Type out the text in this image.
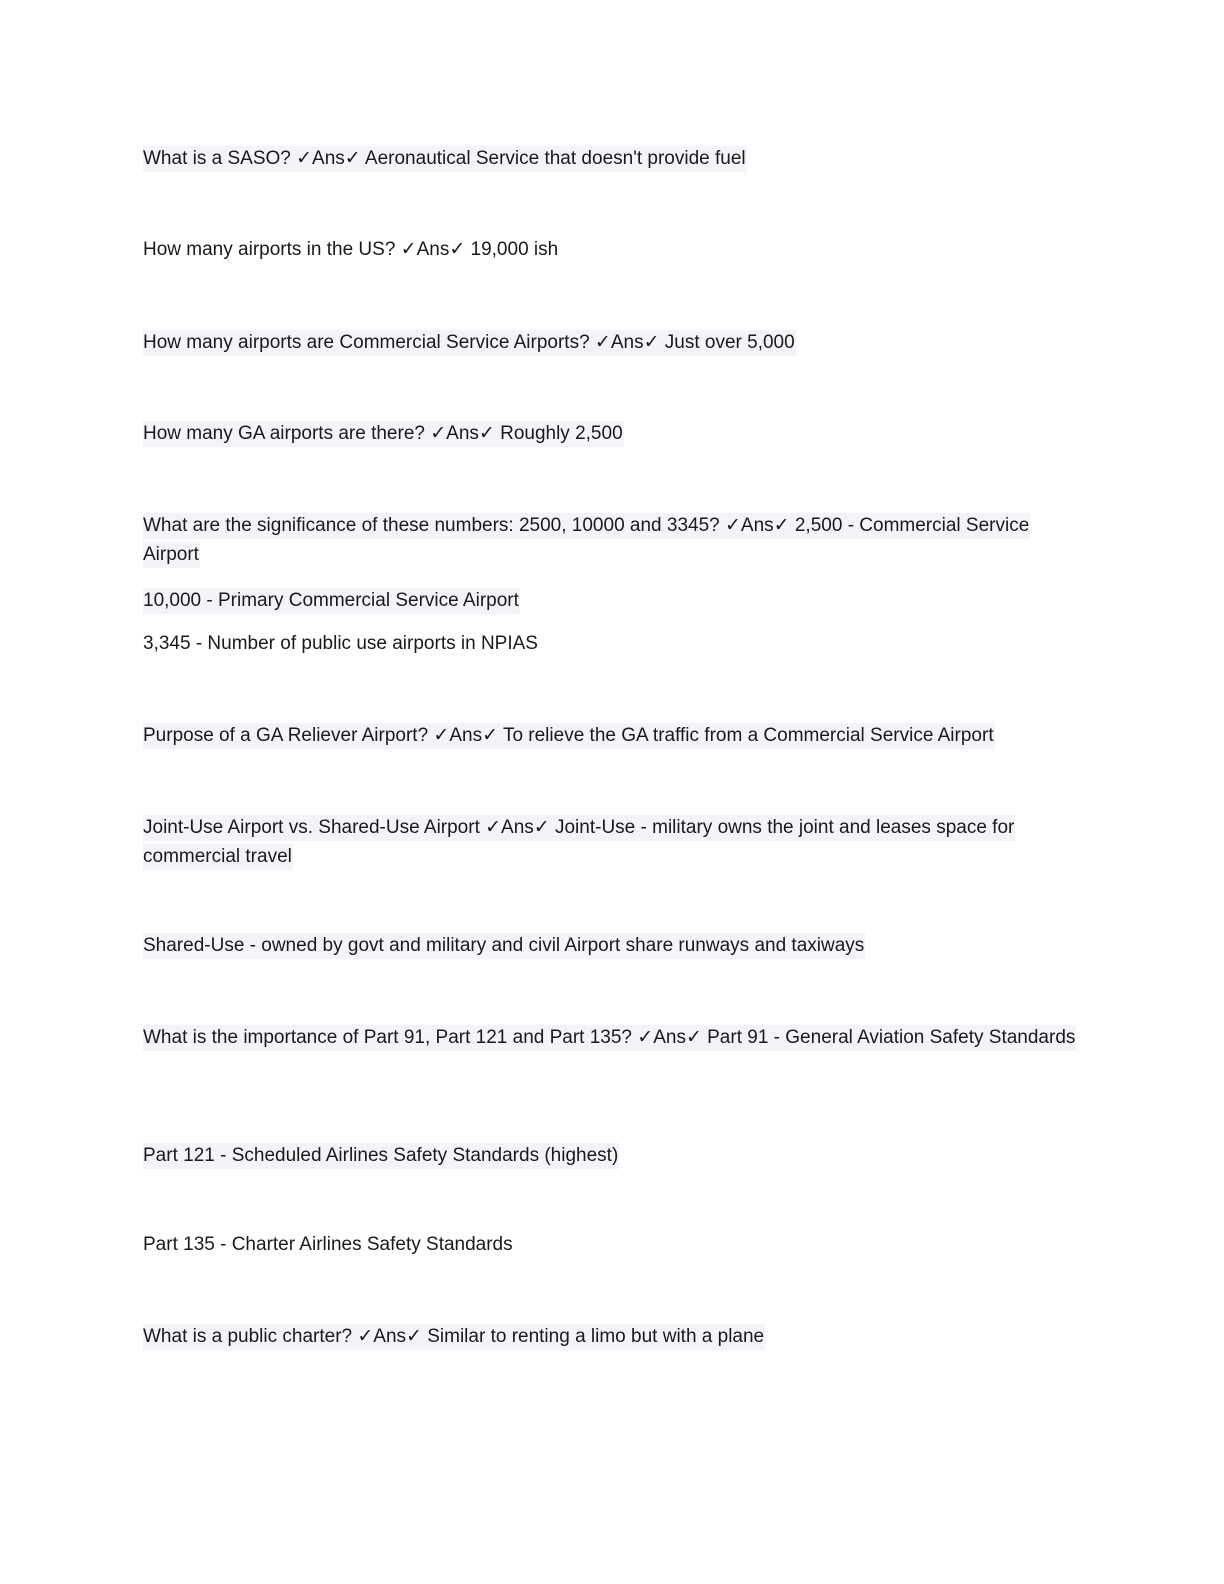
What is a SASO? ✓Ans✓ Aeronautical Service that doesn't provide fuel
How many airports in the US? ✓Ans✓ 19,000 ish
How many airports are Commercial Service Airports? ✓Ans✓ Just over 5,000
How many GA airports are there? ✓Ans✓ Roughly 2,500
What are the significance of these numbers: 2500, 10000 and 3345? ✓Ans✓ 2,500 - Commercial Service Airport
10,000 - Primary Commercial Service Airport
3,345 - Number of public use airports in NPIAS
Purpose of a GA Reliever Airport? ✓Ans✓ To relieve the GA traffic from a Commercial Service Airport
Joint-Use Airport vs. Shared-Use Airport ✓Ans✓ Joint-Use - military owns the joint and leases space for commercial travel
Shared-Use - owned by govt and military and civil Airport share runways and taxiways
What is the importance of Part 91, Part 121 and Part 135? ✓Ans✓ Part 91 - General Aviation Safety Standards
Part 121 - Scheduled Airlines Safety Standards (highest)
Part 135 - Charter Airlines Safety Standards
What is a public charter? ✓Ans✓ Similar to renting a limo but with a plane
